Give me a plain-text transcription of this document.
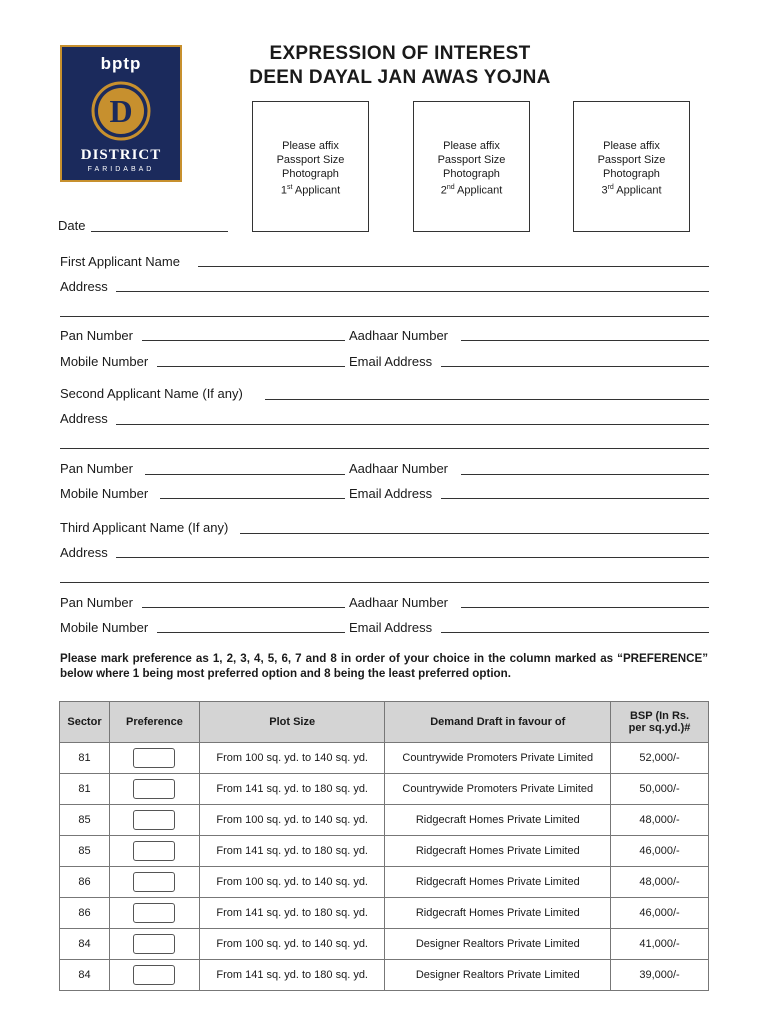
bptp
D
DISTRICT
FARIDABAD
EXPRESSION OF INTEREST
DEEN DAYAL JAN AWAS YOJNA
Please affix
Passport Size
Photograph
1st Applicant
Please affix
Passport Size
Photograph
2nd Applicant
Please affix
Passport Size
Photograph
3rd Applicant
Date
First Applicant Name
Address
Pan Number	Aadhaar Number
Mobile Number	Email Address
Second Applicant Name (If any)
Address
Pan Number	Aadhaar Number
Mobile Number	Email Address
Third Applicant Name (If any)
Address
Pan Number	Aadhaar Number
Mobile Number	Email Address
Please mark preference as 1, 2, 3, 4, 5, 6, 7 and 8 in order of your choice in the column marked as “PREFERENCE” below where 1 being most preferred option and 8 being the least preferred option.
Sector	Preference	Plot Size	Demand Draft in favour of	BSP (In Rs.
per sq.yd.)#
81		From 100 sq. yd. to 140 sq. yd.	Countrywide Promoters Private Limited	52,000/-
81		From 141 sq. yd. to 180 sq. yd.	Countrywide Promoters Private Limited	50,000/-
85		From 100 sq. yd. to 140 sq. yd.	Ridgecraft Homes Private Limited	48,000/-
85		From 141 sq. yd. to 180 sq. yd.	Ridgecraft Homes Private Limited	46,000/-
86		From 100 sq. yd. to 140 sq. yd.	Ridgecraft Homes Private Limited	48,000/-
86		From 141 sq. yd. to 180 sq. yd.	Ridgecraft Homes Private Limited	46,000/-
84		From 100 sq. yd. to 140 sq. yd.	Designer Realtors Private Limited	41,000/-
84		From 141 sq. yd. to 180 sq. yd.	Designer Realtors Private Limited	39,000/-
